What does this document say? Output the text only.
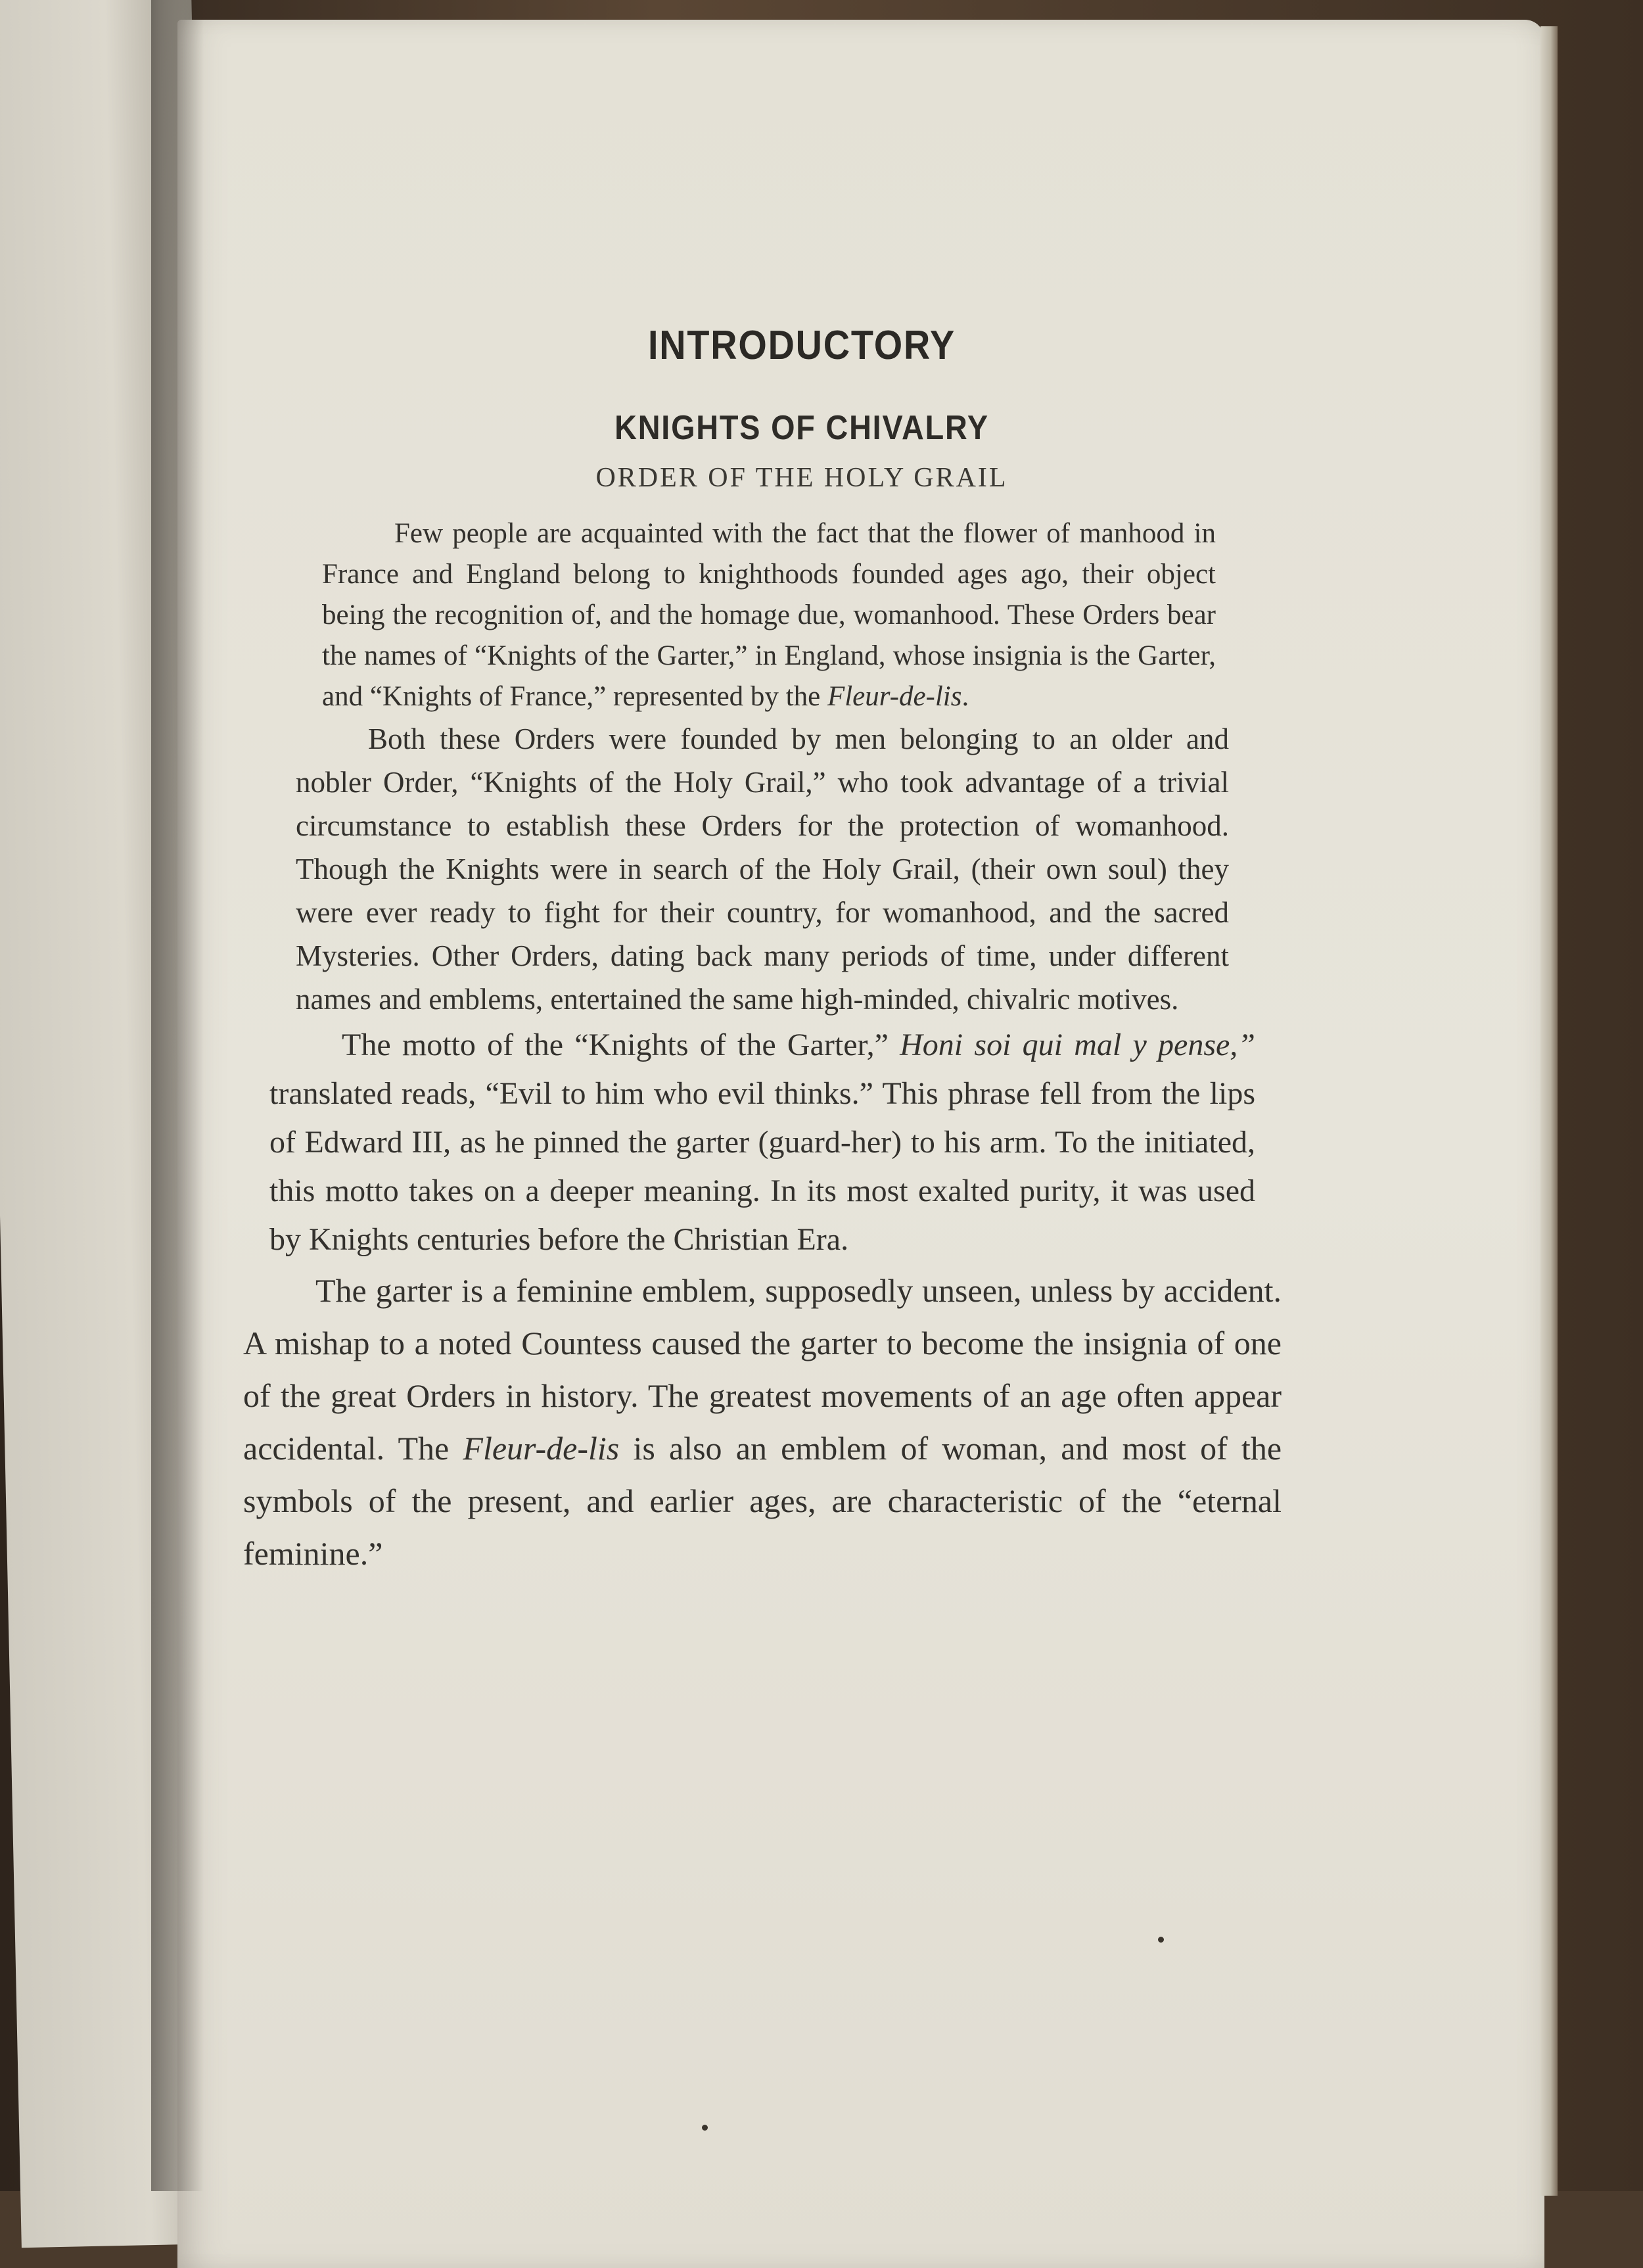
INTRODUCTORY
KNIGHTS OF CHIVALRY
ORDER OF THE HOLY GRAIL

Few people are acquainted with the fact that the flower of manhood in France and England belong to knighthoods founded ages ago, their object being the recognition of, and the homage due, womanhood. These Orders bear the names of “Knights of the Garter,” in England, whose insignia is the Garter, and “Knights of France,” represented by the Fleur-de-lis.

Both these Orders were founded by men belonging to an older and nobler Order, “Knights of the Holy Grail,” who took advantage of a trivial circumstance to establish these Orders for the protection of womanhood. Though the Knights were in search of the Holy Grail, (their own soul) they were ever ready to fight for their country, for womanhood, and the sacred Mysteries. Other Orders, dating back many periods of time, under different names and emblems, entertained the same high-minded, chivalric motives.

The motto of the “Knights of the Garter,” Honi soi qui mal y pense,” translated reads, “Evil to him who evil thinks.” This phrase fell from the lips of Edward III, as he pinned the garter (guard-her) to his arm. To the initiated, this motto takes on a deeper meaning. In its most exalted purity, it was used by Knights centuries before the Christian Era.

The garter is a feminine emblem, supposedly unseen, unless by accident. A mishap to a noted Countess caused the garter to become the insignia of one of the great Orders in history. The greatest movements of an age often appear accidental. The Fleur-de-lis is also an emblem of woman, and most of the symbols of the present, and earlier ages, are characteristic of the “eternal feminine.”
